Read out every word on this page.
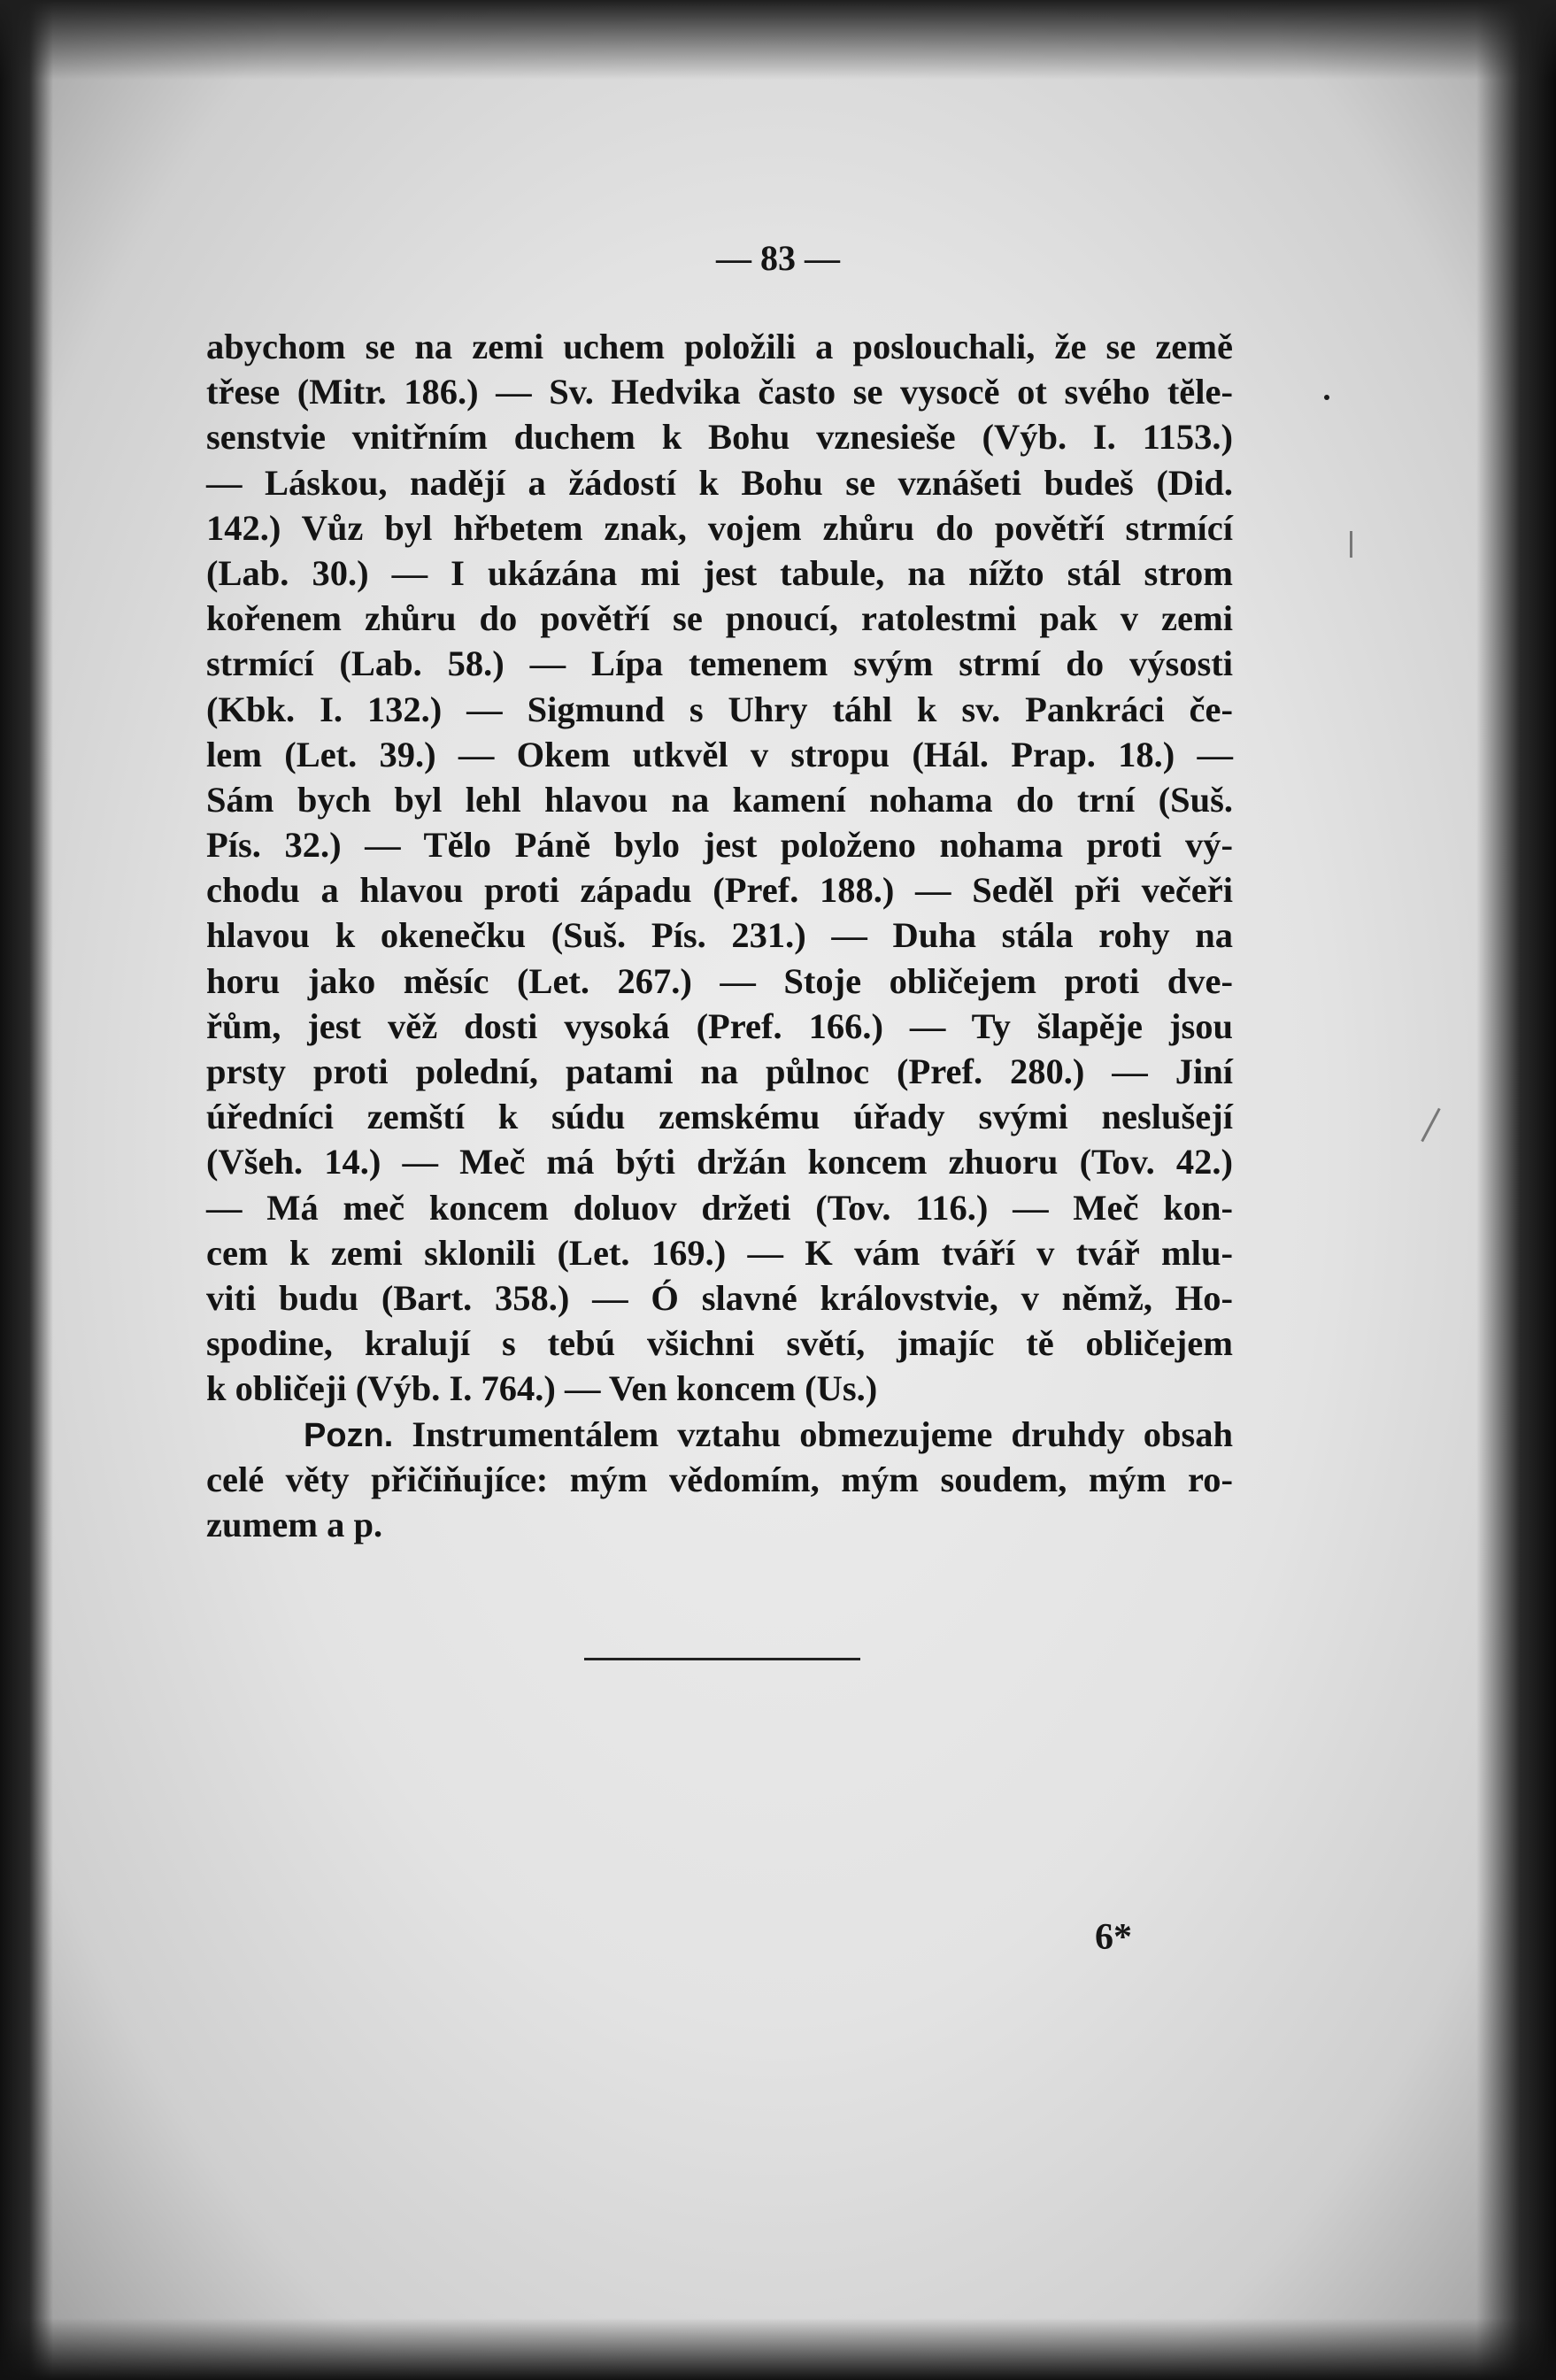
— 83 —
abychom se na zemi uchem položili a poslouchali, že se země
třese (Mitr. 186.) — Sv. Hedvika často se vysocě ot svého tĕle-
senstvie vnitřním duchem k Bohu vznesieše (Výb. I. 1153.)
— Láskou, nadějí a žádostí k Bohu se vznášeti budeš (Did.
142.) Vůz byl hřbetem znak, vojem zhůru do povětří strmící
(Lab. 30.) — I ukázána mi jest tabule, na nížto stál strom
kořenem zhůru do povětří se pnoucí, ratolestmi pak v zemi
strmící (Lab. 58.) — Lípa temenem svým strmí do výsosti
(Kbk. I. 132.) — Sigmund s Uhry táhl k sv. Pankráci če-
lem (Let. 39.) — Okem utkvěl v stropu (Hál. Prap. 18.) —
Sám bych byl lehl hlavou na kamení nohama do trní (Suš.
Pís. 32.) — Tělo Páně bylo jest položeno nohama proti vý-
chodu a hlavou proti západu (Pref. 188.) — Seděl při večeři
hlavou k okenečku (Suš. Pís. 231.) — Duha stála rohy na
horu jako měsíc (Let. 267.) — Stoje obličejem proti dve-
řům, jest věž dosti vysoká (Pref. 166.) — Ty šlapěje jsou
prsty proti polední, patami na půlnoc (Pref. 280.) — Jiní
úředníci zemští k súdu zemskému úřady svými neslušejí
(Všeh. 14.) — Meč má býti držán koncem zhuoru (Tov. 42.)
— Má meč koncem doluov držeti (Tov. 116.) — Meč kon-
cem k zemi sklonili (Let. 169.) — K vám tváří v tvář mlu-
viti budu (Bart. 358.) — Ó slavné královstvie, v němž, Ho-
spodine, kralují s tebú všichni světí, jmajíc tě obličejem
k obličeji (Výb. I. 764.) — Ven koncem (Us.)
Pozn. Instrumentálem vztahu obmezujeme druhdy obsah
celé věty přičiňujíce: mým vědomím, mým soudem, mým ro-
zumem a p.
6*
